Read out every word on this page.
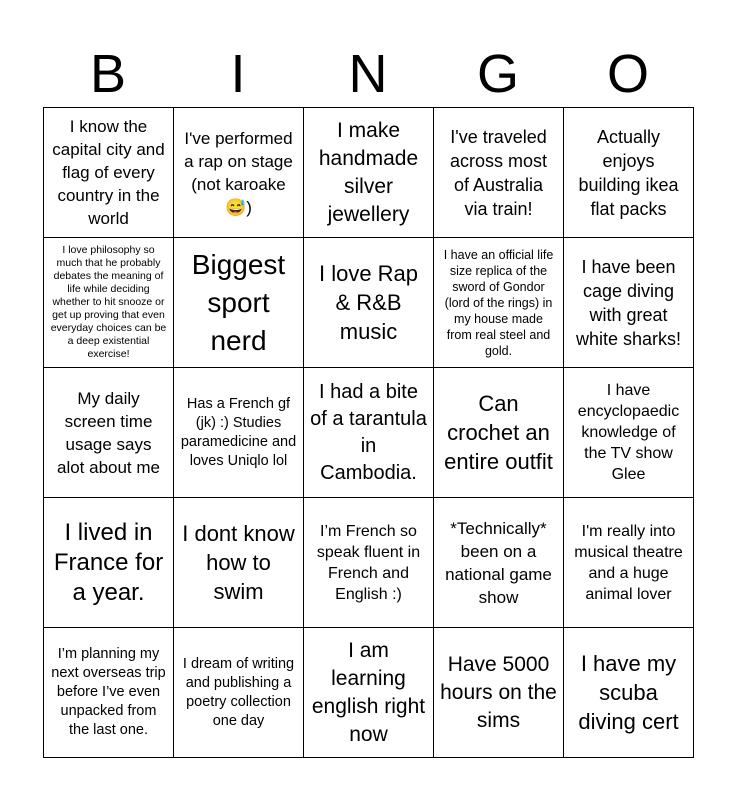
B	I	N	G	O
I know the capital city and flag of every country in the world
I've performed a rap on stage (not karoake 😅)
I make handmade silver jewellery
I've traveled across most of Australia via train!
Actually enjoys building ikea flat packs
I love philosophy so much that he probably debates the meaning of life while deciding whether to hit snooze or get up proving that even everyday choices can be a deep existential exercise!
Biggest sport nerd
I love Rap & R&B music
I have an official life size replica of the sword of Gondor (lord of the rings) in my house made from real steel and gold.
I have been cage diving with great white sharks!
My daily screen time usage says alot about me
Has a French gf (jk) :) Studies paramedicine and loves Uniqlo lol
I had a bite of a tarantula in Cambodia.
Can crochet an entire outfit
I have encyclopaedic knowledge of the TV show Glee
I lived in France for a year.
I dont know how to swim
I’m French so speak fluent in French and English :)
*Technically* been on a national game show
I'm really into musical theatre and a huge animal lover
I’m planning my next overseas trip before I’ve even unpacked from the last one.
I dream of writing and publishing a poetry collection one day
I am learning english right now
Have 5000 hours on the sims
I have my scuba diving cert
